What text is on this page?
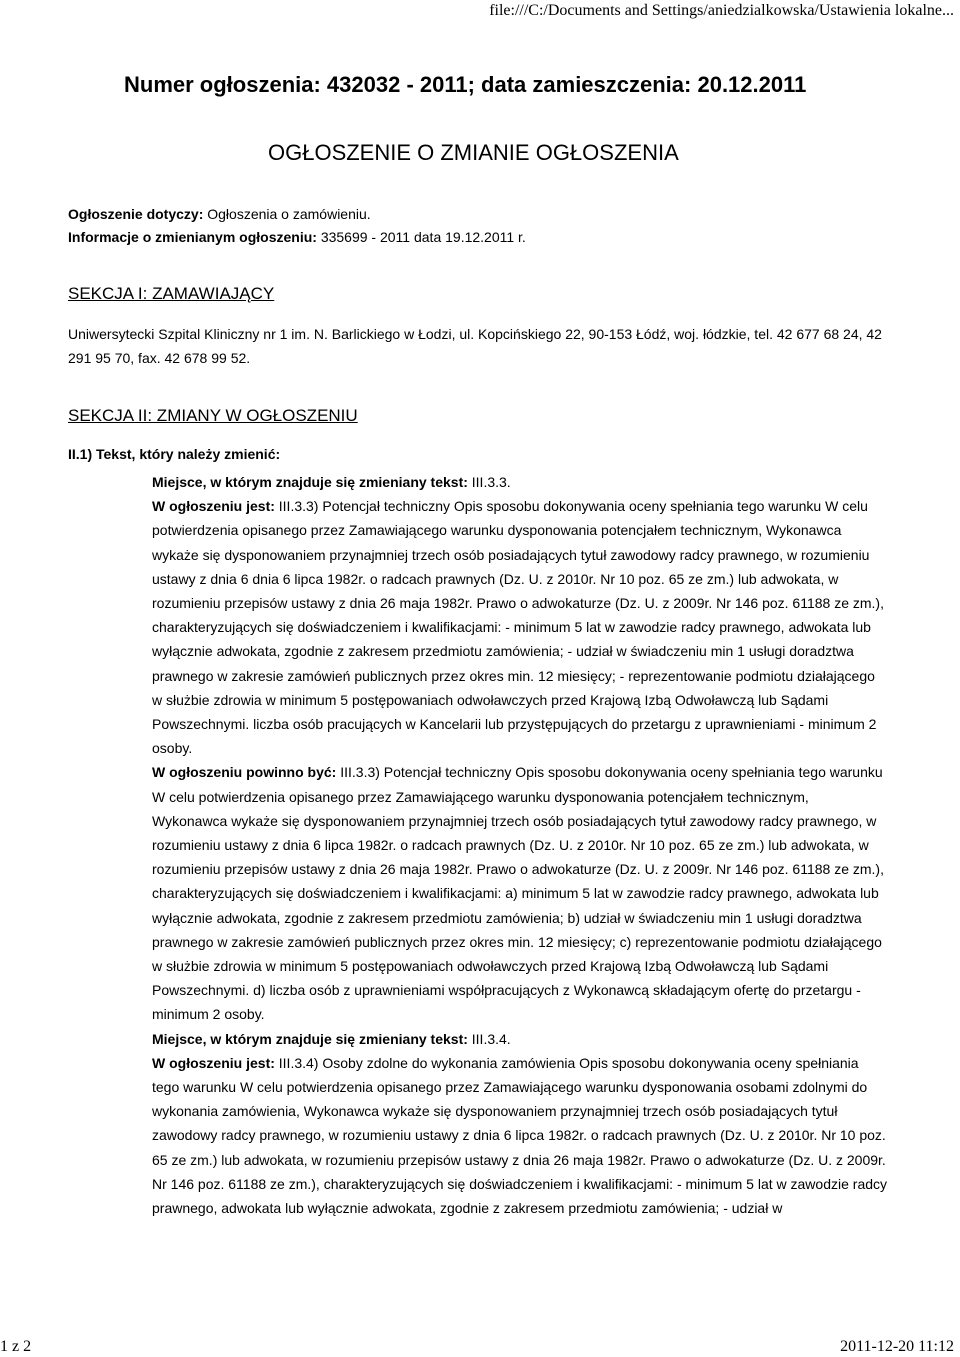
file:///C:/Documents and Settings/aniedzialkowska/Ustawienia lokalne...
Numer ogłoszenia: 432032 - 2011; data zamieszczenia: 20.12.2011
OGŁOSZENIE O ZMIANIE OGŁOSZENIA
Ogłoszenie dotyczy: Ogłoszenia o zamówieniu.
Informacje o zmienianym ogłoszeniu: 335699 - 2011 data 19.12.2011 r.
SEKCJA I: ZAMAWIAJĄCY
Uniwersytecki Szpital Kliniczny nr 1 im. N. Barlickiego w Łodzi, ul. Kopcińskiego 22, 90-153 Łódź, woj. łódzkie, tel. 42 677 68 24, 42 291 95 70, fax. 42 678 99 52.
SEKCJA II: ZMIANY W OGŁOSZENIU
II.1) Tekst, który należy zmienić:

Miejsce, w którym znajduje się zmieniany tekst: III.3.3.

W ogłoszeniu jest: III.3.3) Potencjał techniczny Opis sposobu dokonywania oceny spełniania tego warunku W celu potwierdzenia opisanego przez Zamawiającego warunku dysponowania potencjałem technicznym, Wykonawca wykaże się dysponowaniem przynajmniej trzech osób posiadających tytuł zawodowy radcy prawnego, w rozumieniu ustawy z dnia 6 dnia 6 lipca 1982r. o radcach prawnych (Dz. U. z 2010r. Nr 10 poz. 65 ze zm.) lub adwokata, w rozumieniu przepisów ustawy z dnia 26 maja 1982r. Prawo o adwokaturze (Dz. U. z 2009r. Nr 146 poz. 61188 ze zm.), charakteryzujących się doświadczeniem i kwalifikacjami: - minimum 5 lat w zawodzie radcy prawnego, adwokata lub wyłącznie adwokata, zgodnie z zakresem przedmiotu zamówienia; - udział w świadczeniu min 1 usługi doradztwa prawnego w zakresie zamówień publicznych przez okres min. 12 miesięcy; - reprezentowanie podmiotu działającego w służbie zdrowia w minimum 5 postępowaniach odwoławczych przed Krajową Izbą Odwoławczą lub Sądami Powszechnymi. liczba osób pracujących w Kancelarii lub przystępujących do przetargu z uprawnieniami - minimum 2 osoby.

W ogłoszeniu powinno być: III.3.3) Potencjał techniczny Opis sposobu dokonywania oceny spełniania tego warunku W celu potwierdzenia opisanego przez Zamawiającego warunku dysponowania potencjałem technicznym, Wykonawca wykaże się dysponowaniem przynajmniej trzech osób posiadających tytuł zawodowy radcy prawnego, w rozumieniu ustawy z dnia 6 lipca 1982r. o radcach prawnych (Dz. U. z 2010r. Nr 10 poz. 65 ze zm.) lub adwokata, w rozumieniu przepisów ustawy z dnia 26 maja 1982r. Prawo o adwokaturze (Dz. U. z 2009r. Nr 146 poz. 61188 ze zm.), charakteryzujących się doświadczeniem i kwalifikacjami: a) minimum 5 lat w zawodzie radcy prawnego, adwokata lub wyłącznie adwokata, zgodnie z zakresem przedmiotu zamówienia; b) udział w świadczeniu min 1 usługi doradztwa prawnego w zakresie zamówień publicznych przez okres min. 12 miesięcy; c) reprezentowanie podmiotu działającego w służbie zdrowia w minimum 5 postępowaniach odwoławczych przed Krajową Izbą Odwoławczą lub Sądami Powszechnymi. d) liczba osób z uprawnieniami współpracujących z Wykonawcą składającym ofertę do przetargu - minimum 2 osoby.

Miejsce, w którym znajduje się zmieniany tekst: III.3.4.

W ogłoszeniu jest: III.3.4) Osoby zdolne do wykonania zamówienia Opis sposobu dokonywania oceny spełniania tego warunku W celu potwierdzenia opisanego przez Zamawiającego warunku dysponowania osobami zdolnymi do wykonania zamówienia, Wykonawca wykaże się dysponowaniem przynajmniej trzech osób posiadających tytuł zawodowy radcy prawnego, w rozumieniu ustawy z dnia 6 lipca 1982r. o radcach prawnych (Dz. U. z 2010r. Nr 10 poz. 65 ze zm.) lub adwokata, w rozumieniu przepisów ustawy z dnia 26 maja 1982r. Prawo o adwokaturze (Dz. U. z 2009r. Nr 146 poz. 61188 ze zm.), charakteryzujących się doświadczeniem i kwalifikacjami: - minimum 5 lat w zawodzie radcy prawnego, adwokata lub wyłącznie adwokata, zgodnie z zakresem przedmiotu zamówienia; - udział w

1 z 2	2011-12-20 11:12
